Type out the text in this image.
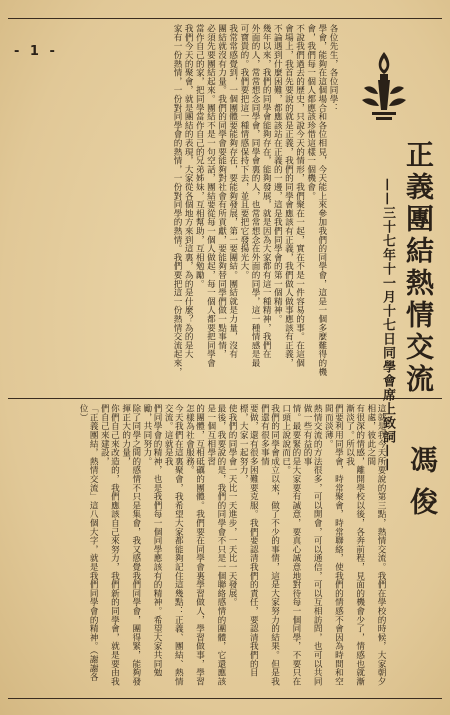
正義團結熱情交流
——三十七年十一月十七日同學會席上致詞——
馮俊
- 1 -	各位先生，各位同學：
學會，能夠在這個場合和各位相見，今天能上來參加我們的同學會，這是一個多麼難得的機
會，我們每一個人都應該珍惜這樣一個機會。
不說我們過去的歷史，只說今天的情形，我們聚在一起，實在不是一件容易的事。在這個
會場上，我首先要說的就是正義，我們的同學會應該有正義，我們做人做事應該有正義，
不論遇到什麼困難，都應該站在正義的一邊，這是我們同學會的第一個精神。
幾年以來，我們的同學會能夠存在，能夠發展，就是因為大家都有這一種精神，我們在
外面的人，常常想念同學會，同學會裏的人，也常常想念在外面的同學，這一種情感是最
可寶貴的。我們要把這一種情感保持下去，並且要把它發揚光大。
我常常感覺到，一個團體要能夠存在，要能夠發展，第一要團結。團結就是力量，沒有
團結就沒有力量。我們的同學會要能夠對社會有所貢獻，要能夠替同學們做一點事情，
必須先要團結起來。團結不是一句空話，團結要從每一個人做起，每一個人都要把同學會
當作自己的家，把同學當作自己的兄弟姊妹，互相幫助，互相勉勵。
我們今天的聚會，就是團結的表現，大家從各個地方來到這裏，為的是什麼？為的是大
家有一份熱情，一份對同學會的熱情，一份對同學的熱情。我們要把這一份熱情交流起來，
這就是我今天所要說的第三點，熱情交流。我們在學校的時候，大家朝夕相處，彼此之間
有很深的情感，離開學校以後，各奔前程，見面的機會少了，情感也就漸漸淡了。所以我
們要利用同學會，時常聚會，時常聯絡，使我們的情感不會因為時間和空間而淡薄。
熱情交流的方法很多，可以開會，可以通信，可以互相訪問，也可以共同做一些有益的事
情。最要緊的是大家要有誠意，要真心誠意地對待每一個同學，不要只在口頭上說說而已。
我們的同學會成立以來，做了不少的事情，這是大家努力的結果。但是我們還有很多事情
要做，還有很多困難要克服。我們要認清我們的責任，要認清我們的目標，大家一起努力，
使我們的同學會一天比一天進步，一天比一天發展。
最後，我要說的是，我們的同學會不只是一個聯絡感情的團體，它還應該是一個互相學習
的團體，互相砥礪的團體。我們要在同學會裏學習做人，學習做事，學習怎樣為社會服務。
今天我們在這裏聚會，我希望大家都能夠記住這幾點：正義、團結、熱情交流。這就是我
們同學會的精神，也是我們每一個同學應該有的精神。希望大家共同勉勵，共同努力。
除了同學之間的感情不只是集會，我又感覺我們同學會，團得緊，能夠發揮正大的力量，
你們自己來改造的，我們應該自己來努力，我們新的同學會，就是要由我們自己來建設，
「正義團結，熱情交流」這八個大字，就是我們同學會的精神。（謝謝各位）
